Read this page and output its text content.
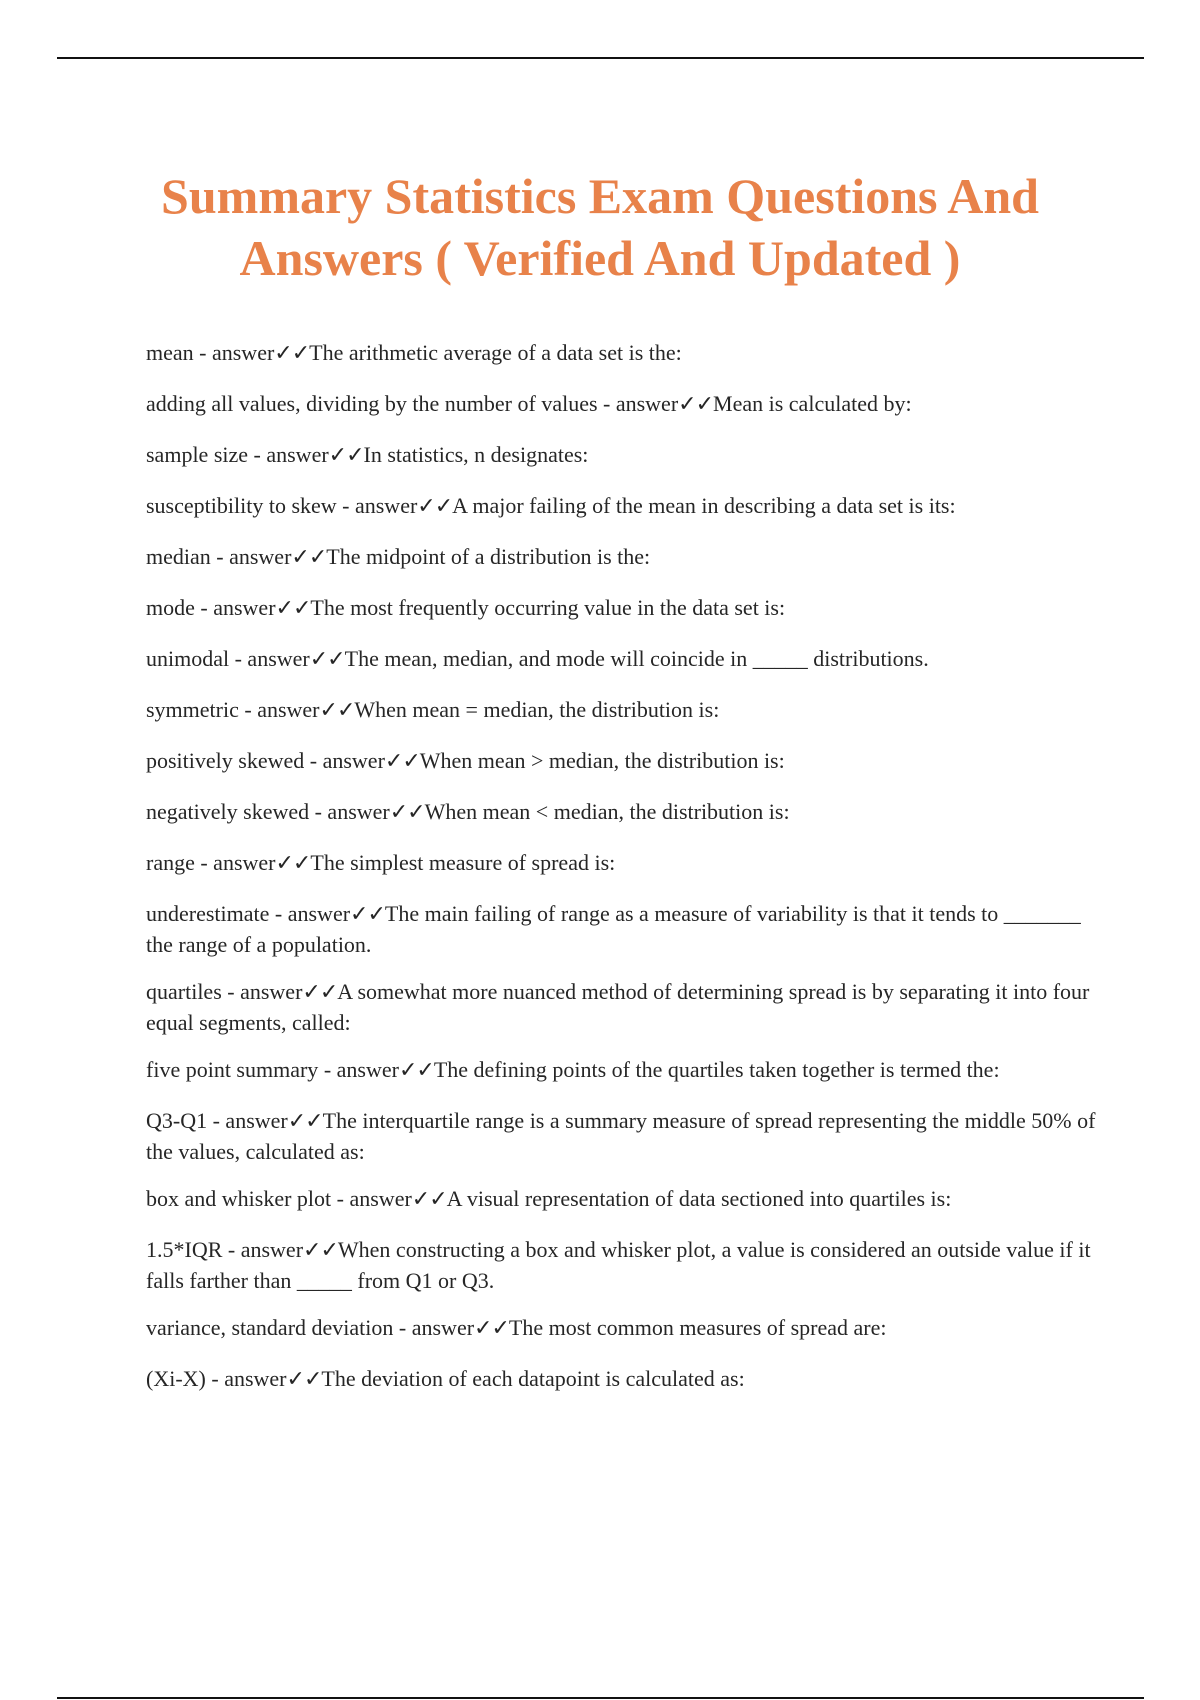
Summary Statistics Exam Questions And
Answers ( Verified And Updated )

mean - answer✓✓The arithmetic average of a data set is the:

adding all values, dividing by the number of values - answer✓✓Mean is calculated by:

sample size - answer✓✓In statistics, n designates:

susceptibility to skew - answer✓✓A major failing of the mean in describing a data set is its:

median - answer✓✓The midpoint of a distribution is the:

mode - answer✓✓The most frequently occurring value in the data set is:

unimodal - answer✓✓The mean, median, and mode will coincide in _____ distributions.

symmetric - answer✓✓When mean = median, the distribution is:

positively skewed - answer✓✓When mean > median, the distribution is:

negatively skewed - answer✓✓When mean < median, the distribution is:

range - answer✓✓The simplest measure of spread is:

underestimate - answer✓✓The main failing of range as a measure of variability is that it tends to _______ the range of a population.

quartiles - answer✓✓A somewhat more nuanced method of determining spread is by separating it into four equal segments, called:

five point summary - answer✓✓The defining points of the quartiles taken together is termed the:

Q3-Q1 - answer✓✓The interquartile range is a summary measure of spread representing the middle 50% of the values, calculated as:

box and whisker plot - answer✓✓A visual representation of data sectioned into quartiles is:

1.5*IQR - answer✓✓When constructing a box and whisker plot, a value is considered an outside value if it falls farther than _____ from Q1 or Q3.

variance, standard deviation - answer✓✓The most common measures of spread are:

(Xi-X) - answer✓✓The deviation of each datapoint is calculated as:
